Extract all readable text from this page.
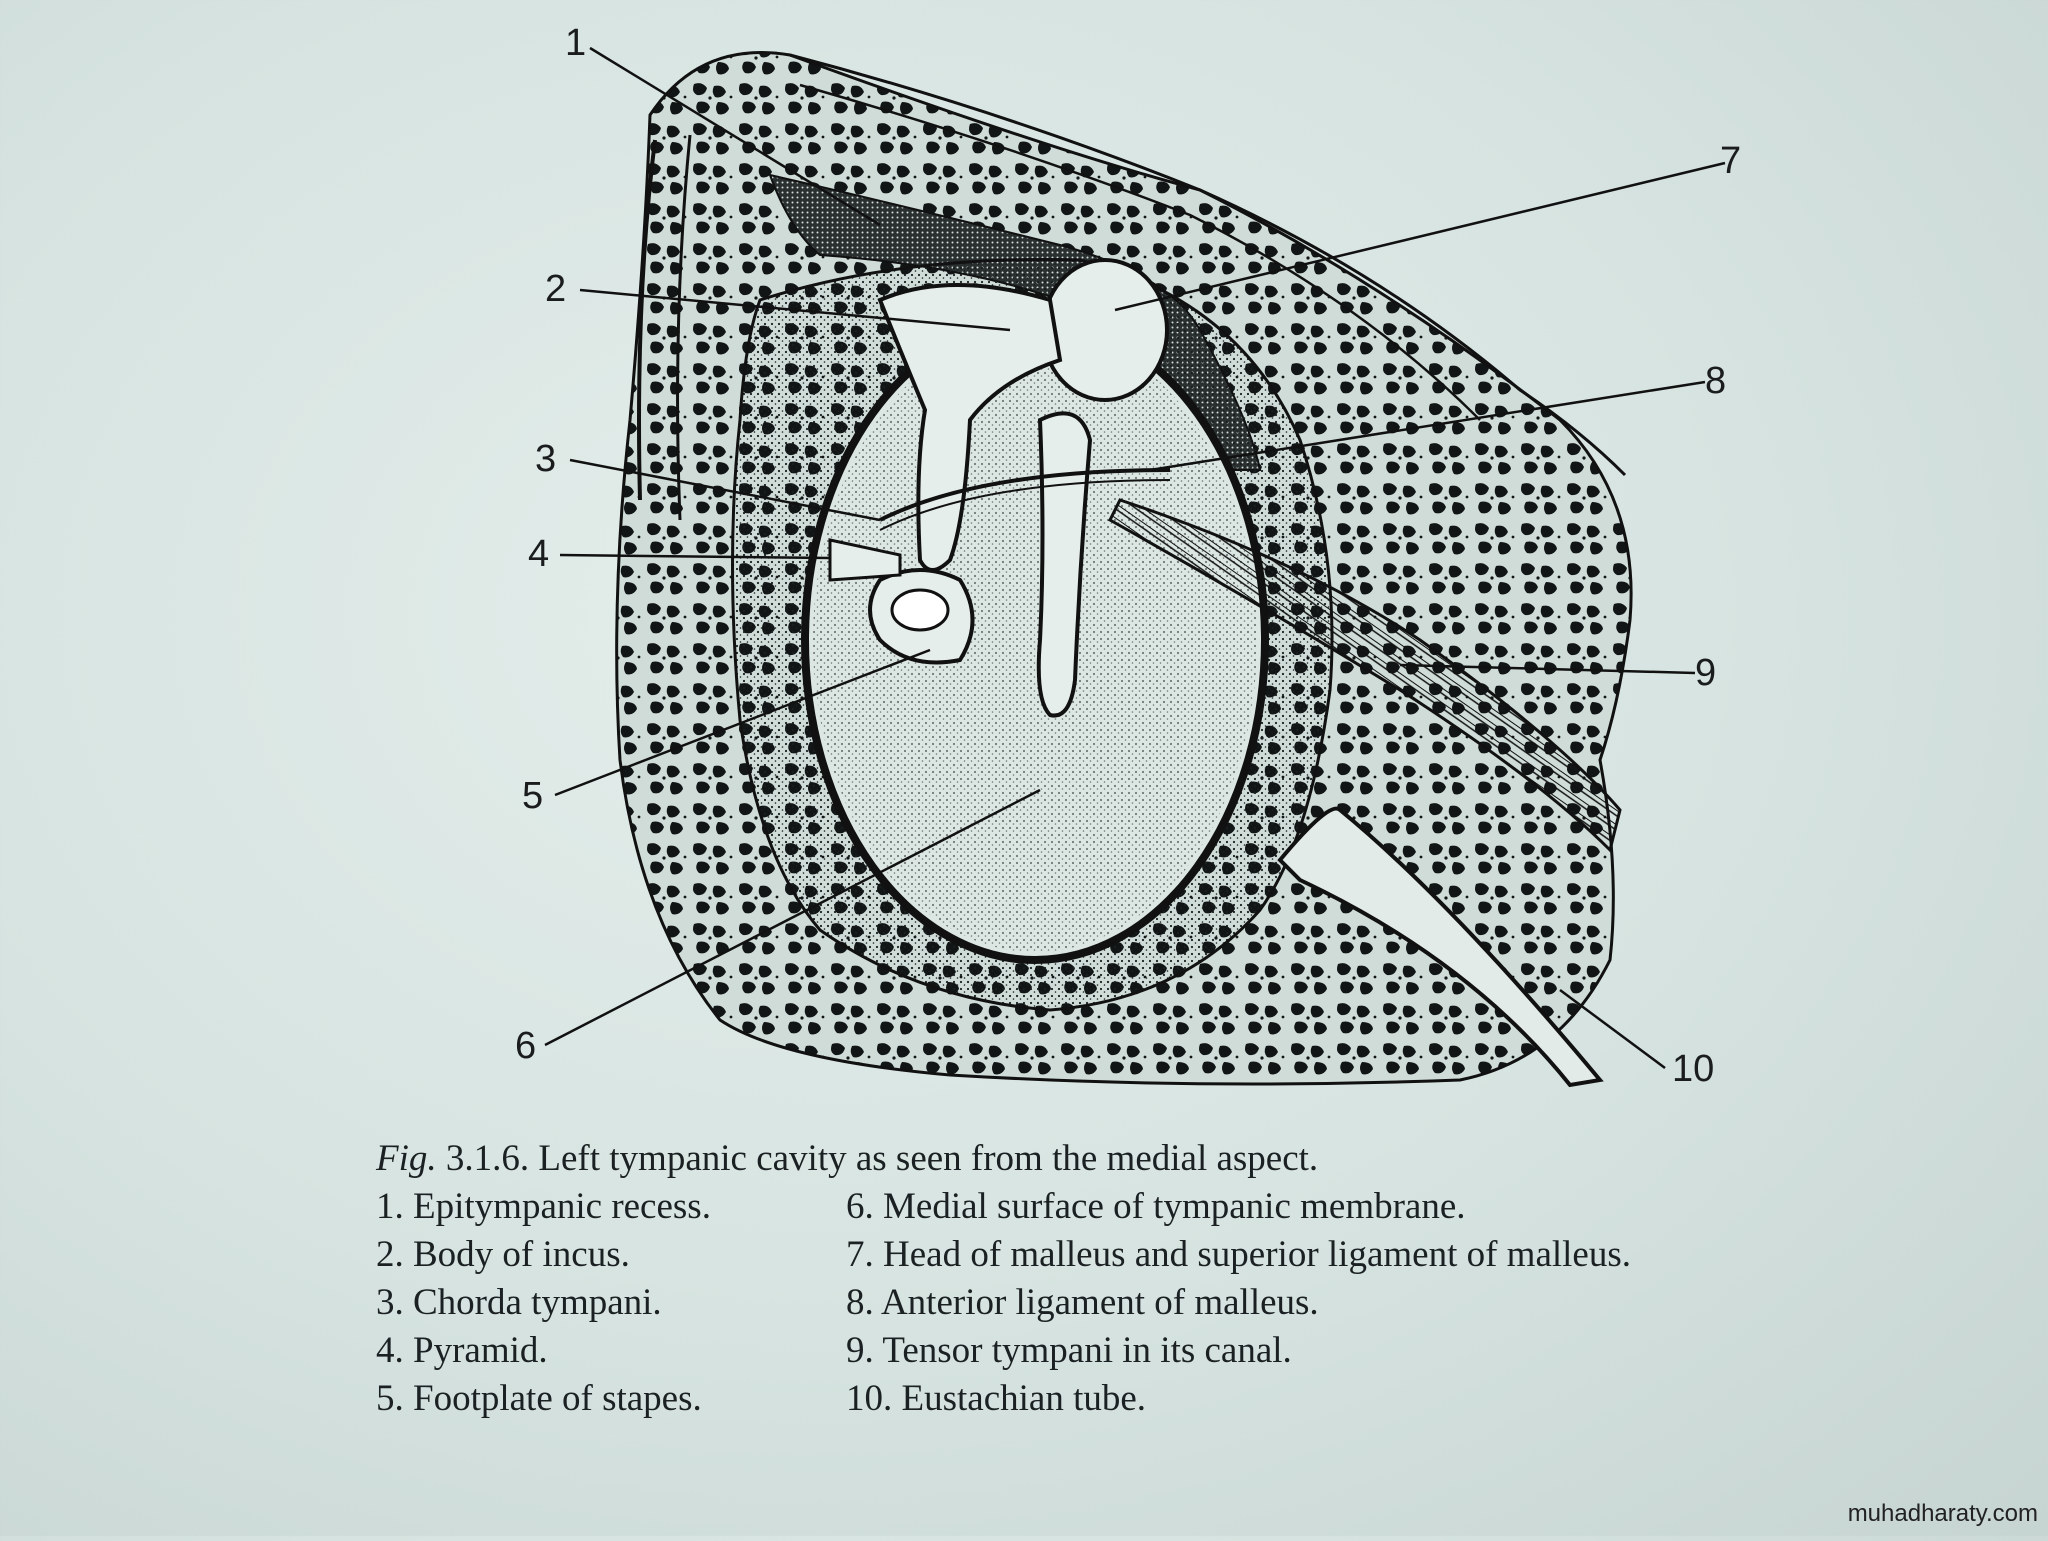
1
2
3
4
5
6
7
8
9
10
Fig. 3.1.6. Left tympanic cavity as seen from the medial aspect.
1. Epitympanic recess.	6. Medial surface of tympanic membrane.
2. Body of incus.	7. Head of malleus and superior ligament of malleus.
3. Chorda tympani.	8. Anterior ligament of malleus.
4. Pyramid.	9. Tensor tympani in its canal.
5. Footplate of stapes.	10. Eustachian tube.
muhadharaty.com
